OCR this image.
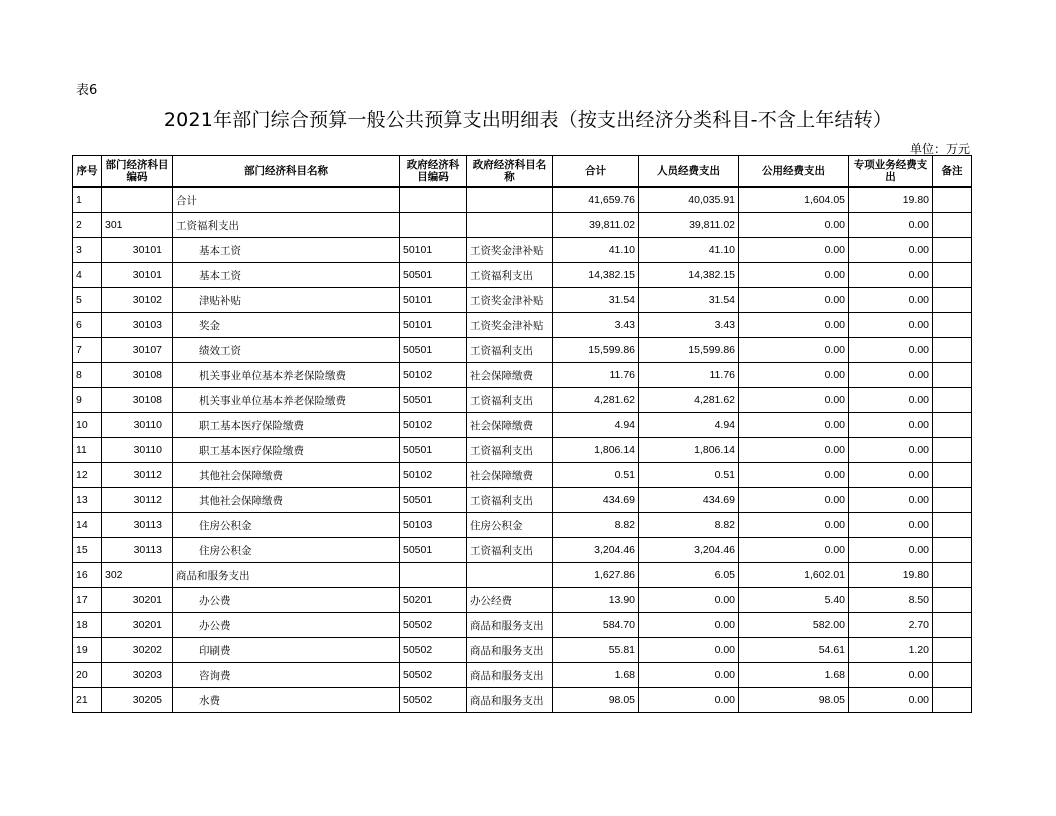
表6
2021年部门综合预算一般公共预算支出明细表（按支出经济分类科目-不含上年结转）
单位：万元
序号	部门经济科目编码	部门经济科目名称	政府经济科目编码	政府经济科目名称	合计	人员经费支出	公用经费支出	专项业务经费支出	备注
1		合计			41,659.76	40,035.91	1,604.05	19.80	
2	301	工资福利支出			39,811.02	39,811.02	0.00	0.00	
3	30101	基本工资	50101	工资奖金津补贴	41.10	41.10	0.00	0.00	
4	30101	基本工资	50501	工资福利支出	14,382.15	14,382.15	0.00	0.00	
5	30102	津贴补贴	50101	工资奖金津补贴	31.54	31.54	0.00	0.00	
6	30103	奖金	50101	工资奖金津补贴	3.43	3.43	0.00	0.00	
7	30107	绩效工资	50501	工资福利支出	15,599.86	15,599.86	0.00	0.00	
8	30108	机关事业单位基本养老保险缴费	50102	社会保障缴费	11.76	11.76	0.00	0.00	
9	30108	机关事业单位基本养老保险缴费	50501	工资福利支出	4,281.62	4,281.62	0.00	0.00	
10	30110	职工基本医疗保险缴费	50102	社会保障缴费	4.94	4.94	0.00	0.00	
11	30110	职工基本医疗保险缴费	50501	工资福利支出	1,806.14	1,806.14	0.00	0.00	
12	30112	其他社会保障缴费	50102	社会保障缴费	0.51	0.51	0.00	0.00	
13	30112	其他社会保障缴费	50501	工资福利支出	434.69	434.69	0.00	0.00	
14	30113	住房公积金	50103	住房公积金	8.82	8.82	0.00	0.00	
15	30113	住房公积金	50501	工资福利支出	3,204.46	3,204.46	0.00	0.00	
16	302	商品和服务支出			1,627.86	6.05	1,602.01	19.80	
17	30201	办公费	50201	办公经费	13.90	0.00	5.40	8.50	
18	30201	办公费	50502	商品和服务支出	584.70	0.00	582.00	2.70	
19	30202	印刷费	50502	商品和服务支出	55.81	0.00	54.61	1.20	
20	30203	咨询费	50502	商品和服务支出	1.68	0.00	1.68	0.00	
21	30205	水费	50502	商品和服务支出	98.05	0.00	98.05	0.00	
